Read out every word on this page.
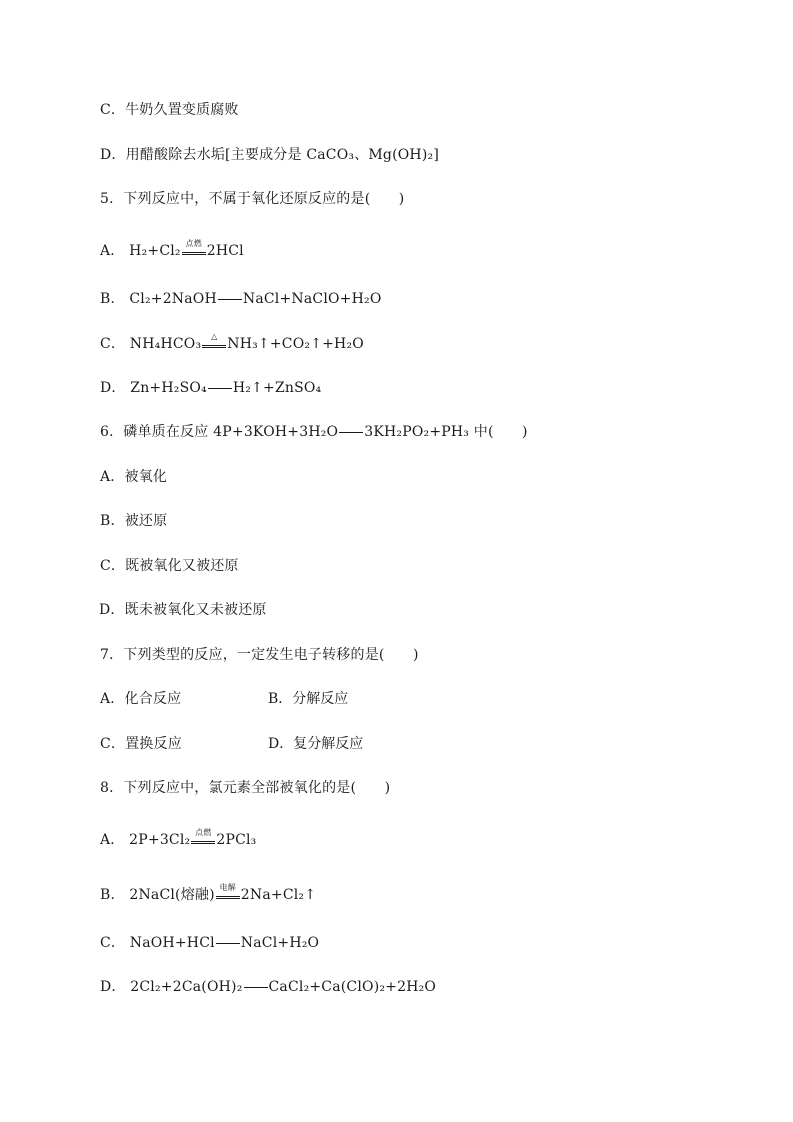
C．牛奶久置变质腐败
D．用醋酸除去水垢[主要成分是 CaCO₃、Mg(OH)₂]
5．下列反应中，不属于氧化还原反应的是(　　)
A． H₂+Cl₂ 点燃 2HCl
B． Cl₂+2NaOH NaCl+NaClO+H₂O
C． NH₄HCO₃	△ NH₃↑+CO₂↑+H₂O
D． Zn+H₂SO₄ H₂↑+ZnSO₄
6．磷单质在反应 4P+3KOH+3H₂O 3KH₂PO₂+PH₃ 中(　　)
A．被氧化
B．被还原
C．既被氧化又被还原
D．既未被氧化又未被还原
7．下列类型的反应，一定发生电子转移的是(　　)
A．化合反应	B．分解反应
C．置换反应	D．复分解反应
8．下列反应中，氯元素全部被氧化的是(　　)
A． 2P+3Cl₂ 点燃 2PCl₃
B． 2NaCl(熔融) 电解 2Na+Cl₂↑
C． NaOH+HCl NaCl+H₂O
D． 2Cl₂+2Ca(OH)₂ CaCl₂+Ca(ClO)₂+2H₂O
